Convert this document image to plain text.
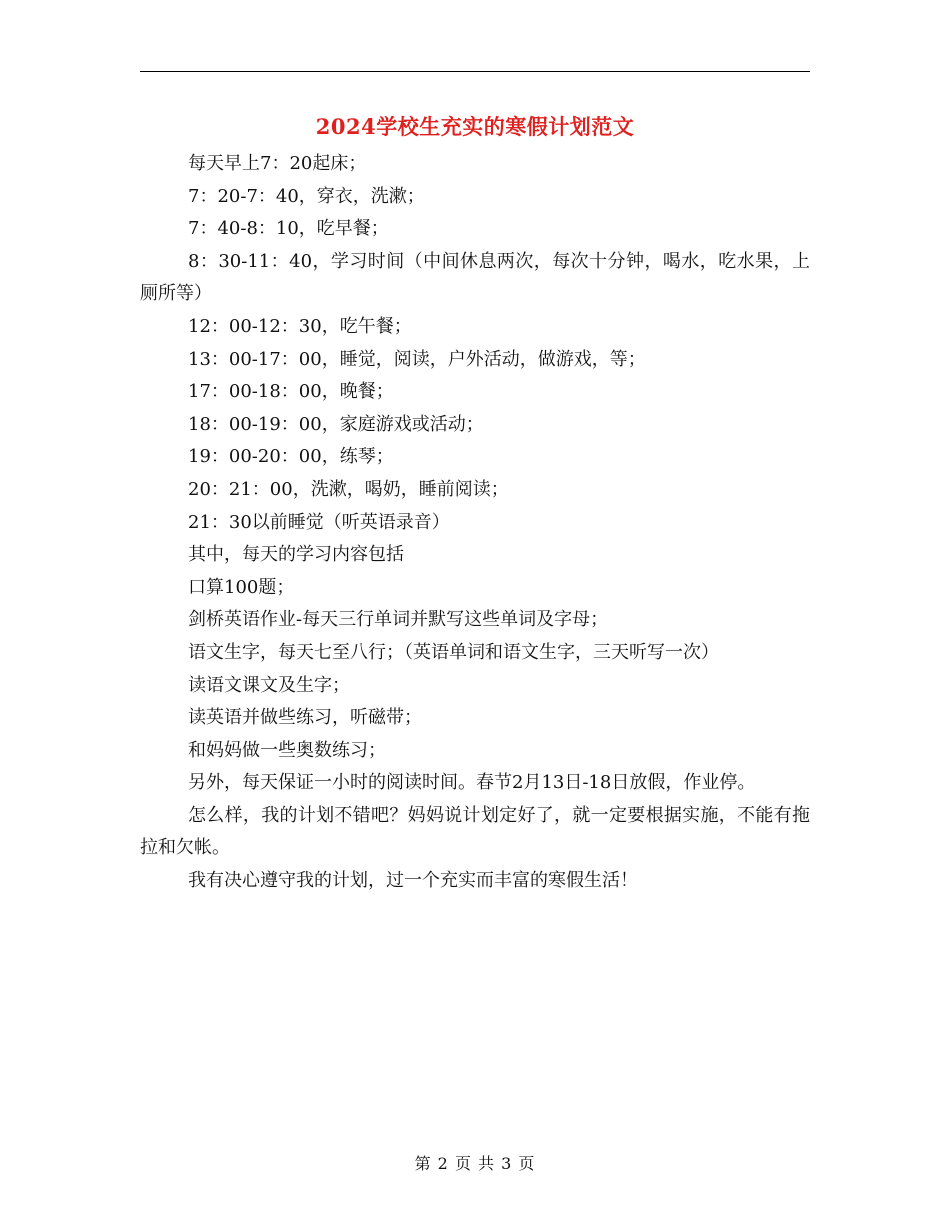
2024学校生充实的寒假计划范文

每天早上7：20起床；

7：20-7：40，穿衣，洗漱；

7：40-8：10，吃早餐；

8：30-11：40，学习时间（中间休息两次，每次十分钟，喝水，吃水果，上厕所等）

12：00-12：30，吃午餐；

13：00-17：00，睡觉，阅读，户外活动，做游戏，等；

17：00-18：00，晚餐；

18：00-19：00，家庭游戏或活动；

19：00-20：00，练琴；

20：21：00，洗漱，喝奶，睡前阅读；

21：30以前睡觉（听英语录音）

其中，每天的学习内容包括

口算100题；

剑桥英语作业-每天三行单词并默写这些单词及字母；

语文生字，每天七至八行；（英语单词和语文生字，三天听写一次）

读语文课文及生字；

读英语并做些练习，听磁带；

和妈妈做一些奥数练习；

另外，每天保证一小时的阅读时间。春节2月13日-18日放假，作业停。

怎么样，我的计划不错吧？妈妈说计划定好了，就一定要根据实施，不能有拖拉和欠帐。

我有决心遵守我的计划，过一个充实而丰富的寒假生活！

第 2 页 共 3 页
